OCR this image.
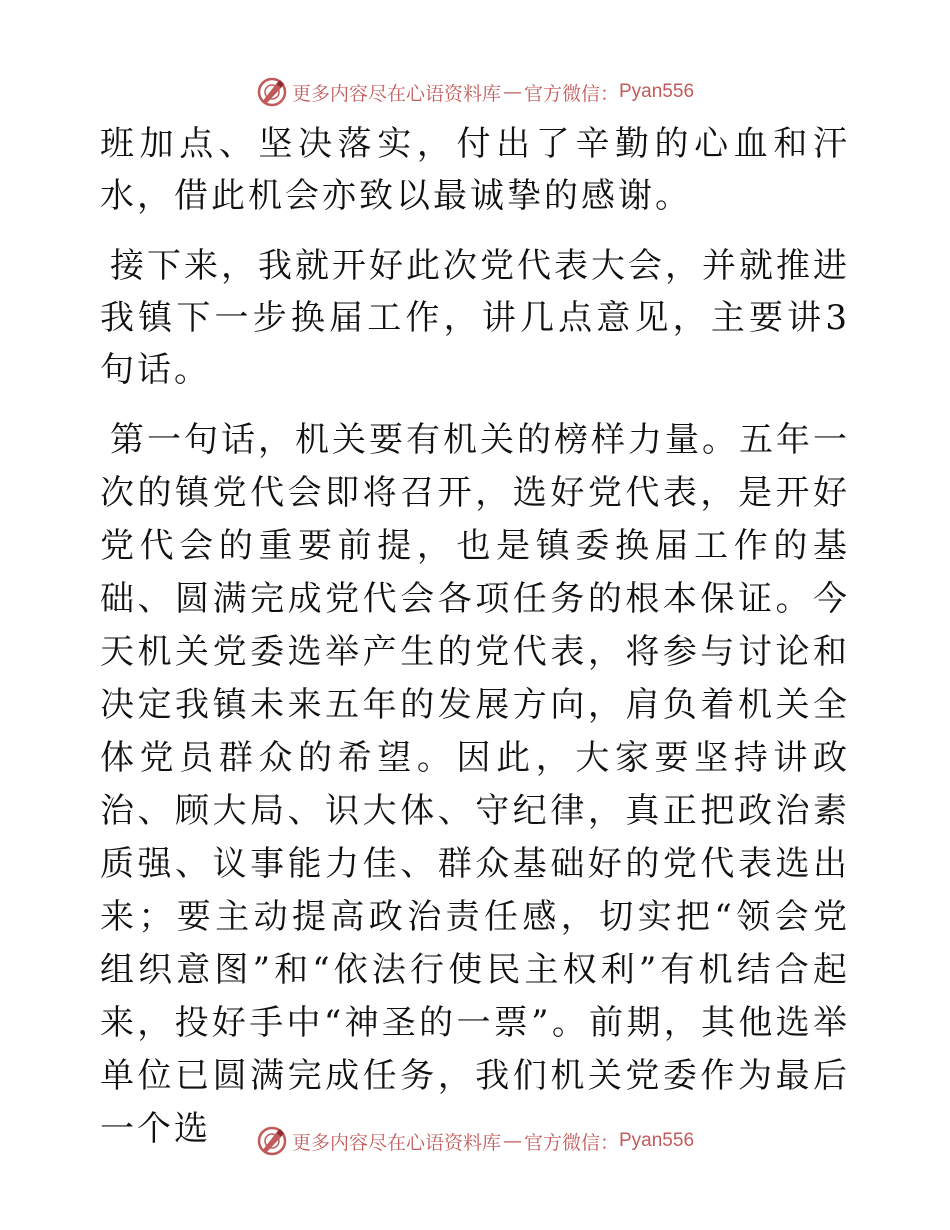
更多内容尽在心语资料库 — 官方微信： Pyan556

班加点、坚决落实，付出了辛勤的心血和汗水，借此机会亦致以最诚挚的感谢。

接下来，我就开好此次党代表大会，并就推进我镇下一步换届工作，讲几点意见，主要讲3句话。

第一句话，机关要有机关的榜样力量。五年一次的镇党代会即将召开，选好党代表，是开好党代会的重要前提，也是镇委换届工作的基础、圆满完成党代会各项任务的根本保证。今天机关党委选举产生的党代表，将参与讨论和决定我镇未来五年的发展方向，肩负着机关全体党员群众的希望。因此，大家要坚持讲政治、顾大局、识大体、守纪律，真正把政治素质强、议事能力佳、群众基础好的党代表选出来；要主动提高政治责任感，切实把“领会党组织意图”和“依法行使民主权利”有机结合起来，投好手中“神圣的一票”。前期，其他选举单位已圆满完成任务，我们机关党委作为最后一个选	更多内容尽在心语资料库 — 官方微信： Pyan556
